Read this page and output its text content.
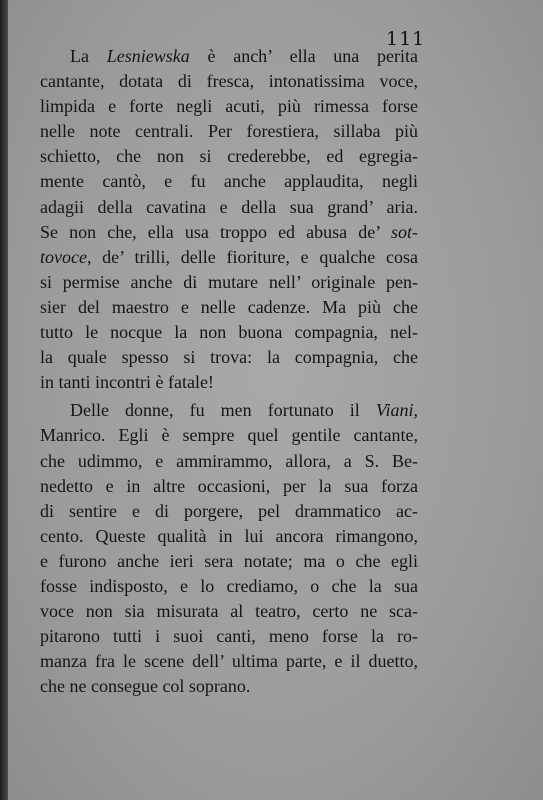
111
La Lesniewska è anch’ ella una perita
cantante, dotata di fresca, intonatissima voce,
limpida e forte negli acuti, più rimessa forse
nelle note centrali. Per forestiera, sillaba più
schietto, che non si crederebbe, ed egregia-
mente cantò, e fu anche applaudita, negli
adagii della cavatina e della sua grand’ aria.
Se non che, ella usa troppo ed abusa de’ sot-
tovoce, de’ trilli, delle fioriture, e qualche cosa
si permise anche di mutare nell’ originale pen-
sier del maestro e nelle cadenze. Ma più che
tutto le nocque la non buona compagnia, nel-
la quale spesso si trova: la compagnia, che
in tanti incontri è fatale!
Delle donne, fu men fortunato il Viani,
Manrico. Egli è sempre quel gentile cantante,
che udimmo, e ammirammo, allora, a S. Be-
nedetto e in altre occasioni, per la sua forza
di sentire e di porgere, pel drammatico ac-
cento. Queste qualità in lui ancora rimangono,
e furono anche ieri sera notate; ma o che egli
fosse indisposto, e lo crediamo, o che la sua
voce non sia misurata al teatro, certo ne sca-
pitarono tutti i suoi canti, meno forse la ro-
manza fra le scene dell’ ultima parte, e il duetto,
che ne consegue col soprano.
